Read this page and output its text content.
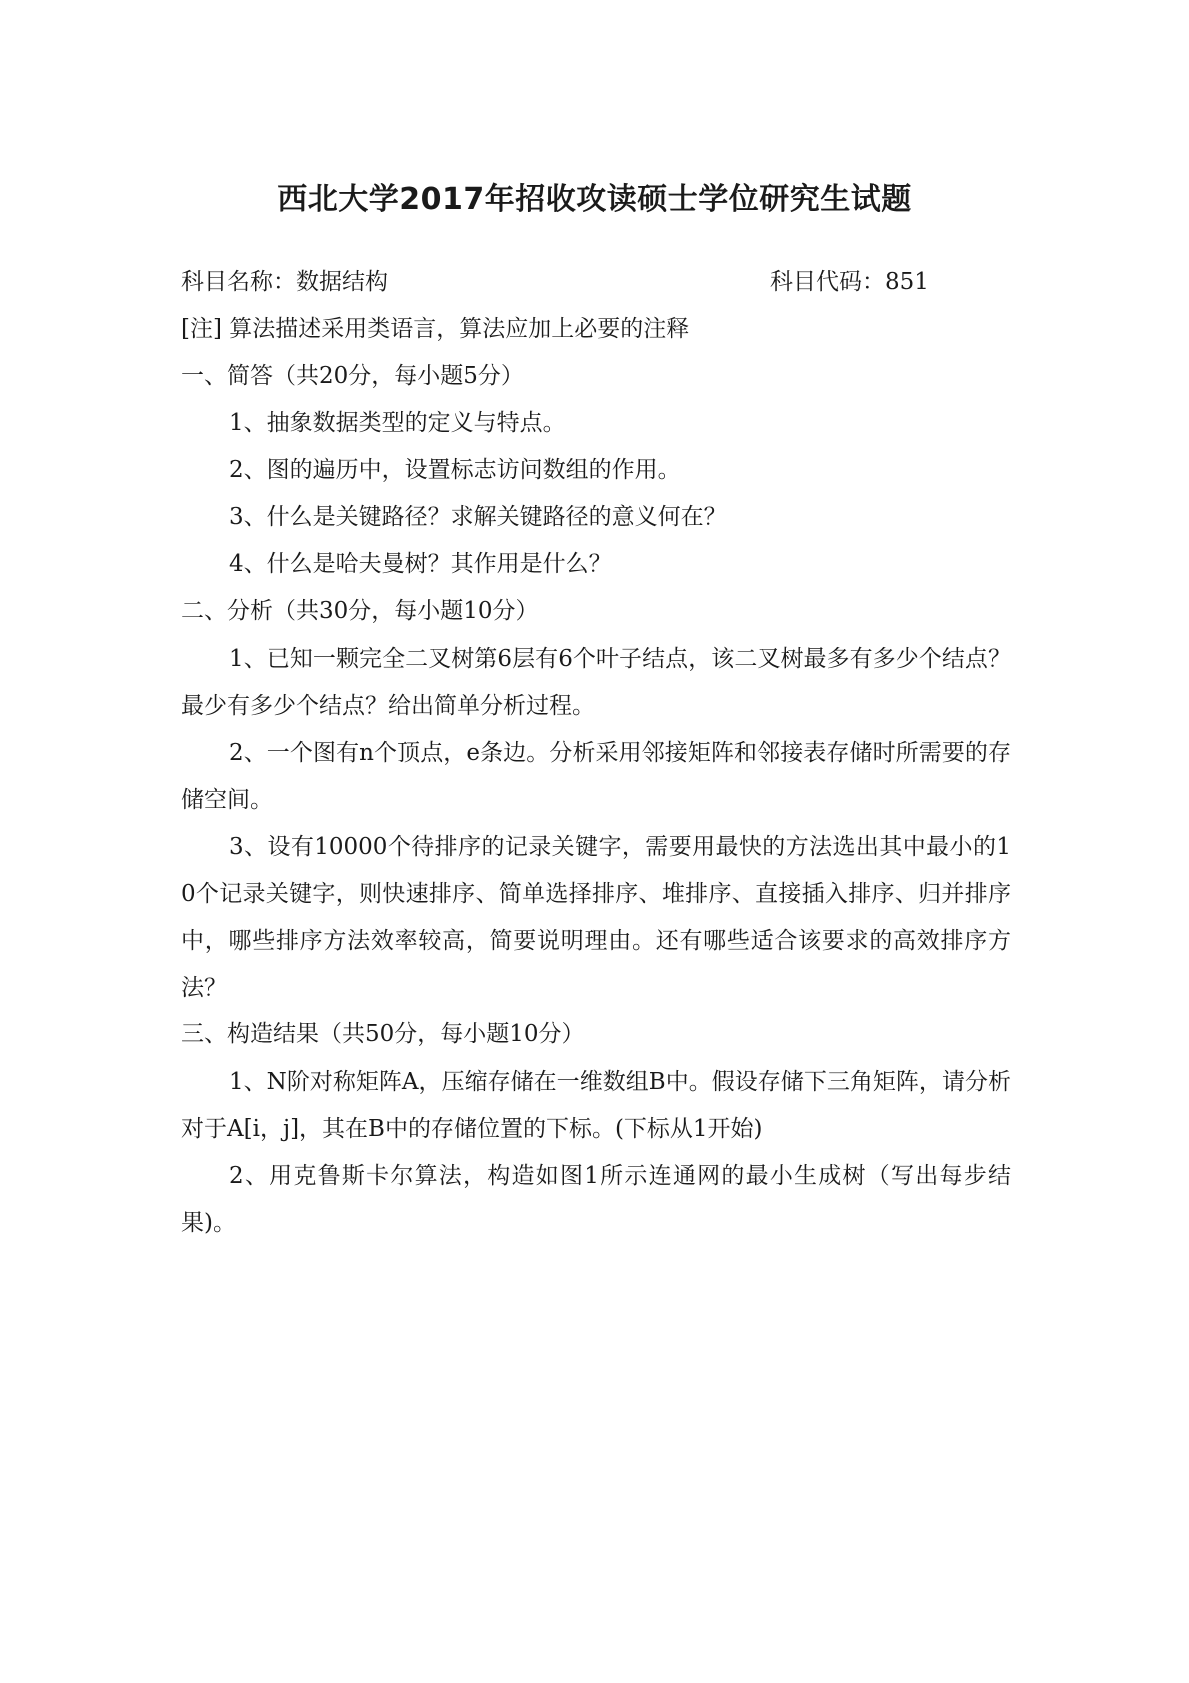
西北大学2017年招收攻读硕士学位研究生试题
科目名称：数据结构	科目代码：851
[注] 算法描述采用类语言，算法应加上必要的注释
一、简答（共20分，每小题5分）
1、抽象数据类型的定义与特点。
2、图的遍历中，设置标志访问数组的作用。
3、什么是关键路径？求解关键路径的意义何在？
4、什么是哈夫曼树？其作用是什么？
二、分析（共30分，每小题10分）
1、已知一颗完全二叉树第6层有6个叶子结点，该二叉树最多有多少个结点？最少有多少个结点？给出简单分析过程。
2、一个图有n个顶点，e条边。分析采用邻接矩阵和邻接表存储时所需要的存储空间。
3、设有10000个待排序的记录关键字，需要用最快的方法选出其中最小的10个记录关键字，则快速排序、简单选择排序、堆排序、直接插入排序、归并排序中，哪些排序方法效率较高，简要说明理由。还有哪些适合该要求的高效排序方法？
三、构造结果（共50分，每小题10分）
1、N阶对称矩阵A，压缩存储在一维数组B中。假设存储下三角矩阵，请分析对于A[i，j]，其在B中的存储位置的下标。(下标从1开始)
2、用克鲁斯卡尔算法，构造如图1所示连通网的最小生成树（写出每步结果)。
